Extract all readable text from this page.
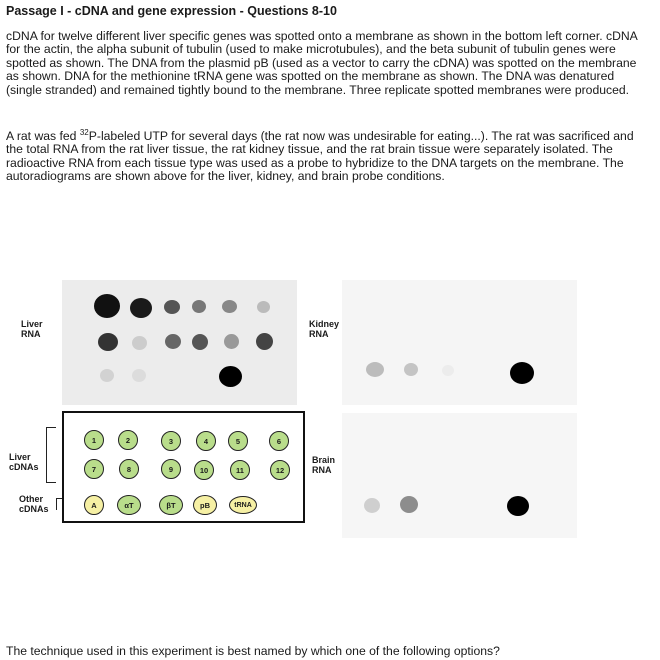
Passage I - cDNA and gene expression - Questions 8-10

cDNA for twelve different liver specific genes was spotted onto a membrane as shown in the bottom left corner. cDNA for the actin, the alpha subunit of tubulin (used to make microtubules), and the beta subunit of tubulin genes were spotted as shown. The DNA from the plasmid pB (used as a vector to carry the cDNA) was spotted on the membrane as shown. DNA for the methionine tRNA gene was spotted on the membrane as shown. The DNA was denatured (single stranded) and remained tightly bound to the membrane. Three replicate spotted membranes were produced.

A rat was fed $^{32}$P-labeled UTP for several days (the rat now was undesirable for eating...). The rat was sacrificed and the total RNA from the rat liver tissue, the rat kidney tissue, and the rat brain tissue were separately isolated. The radioactive RNA from each tissue type was used as a probe to hybridize to the DNA targets on the membrane. The autoradiograms are shown above for the liver, kidney, and brain probe conditions.

Liver RNA
Kidney RNA
Brain RNA
Liver cDNAs
Other cDNAs
1	2	3	4	5	6
7	8	9	10	11	12
A	αT	βT	pB	tRNA
The technique used in this experiment is best named by which one of the following options?
